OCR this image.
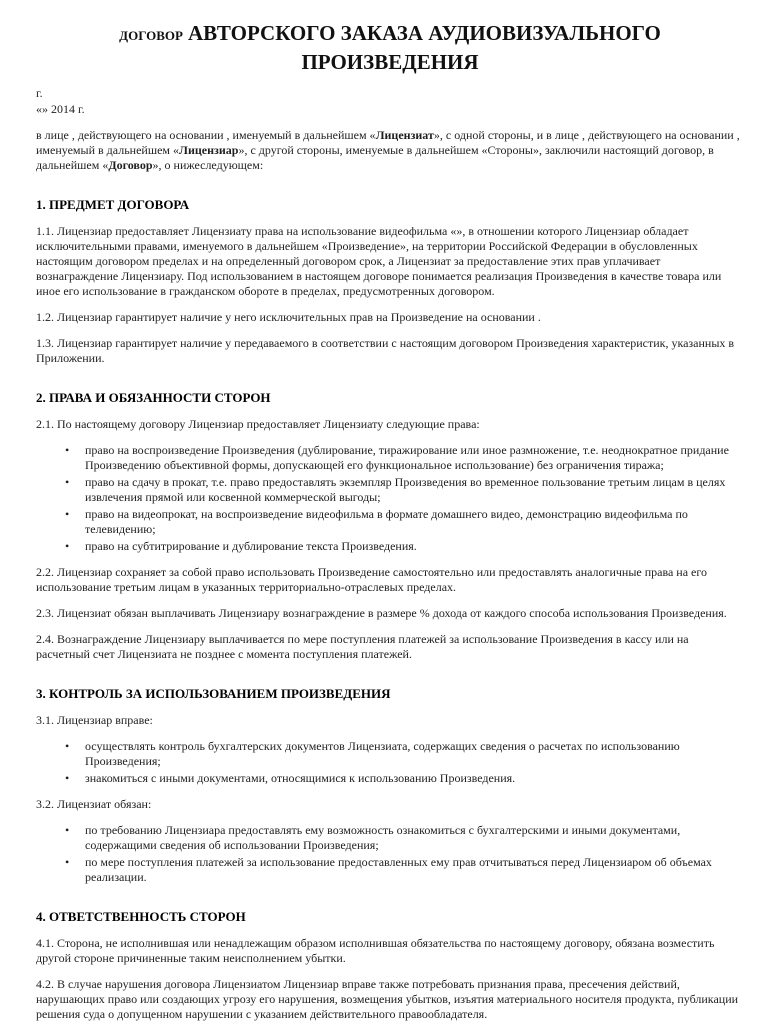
ДОГОВОР АВТОРСКОГО ЗАКАЗА АУДИОВИЗУАЛЬНОГО ПРОИЗВЕДЕНИЯ

г.

«» 2014 г.

в лице , действующего на основании , именуемый в дальнейшем «Лицензиат», с одной стороны, и в лице , действующего на основании , именуемый в дальнейшем «Лицензиар», с другой стороны, именуемые в дальнейшем «Стороны», заключили настоящий договор, в дальнейшем «Договор», о нижеследующем:

1. ПРЕДМЕТ ДОГОВОРА

1.1. Лицензиар предоставляет Лицензиату права на использование видеофильма «», в отношении которого Лицензиар обладает исключительными правами, именуемого в дальнейшем «Произведение», на территории Российской Федерации в обусловленных настоящим договором пределах и на определенный договором срок, а Лицензиат за предоставление этих прав уплачивает вознаграждение Лицензиару. Под использованием в настоящем договоре понимается реализация Произведения в качестве товара или иное его использование в гражданском обороте в пределах, предусмотренных договором.

1.2. Лицензиар гарантирует наличие у него исключительных прав на Произведение на основании .

1.3. Лицензиар гарантирует наличие у передаваемого в соответствии с настоящим договором Произведения характеристик, указанных в Приложении.

2. ПРАВА И ОБЯЗАННОСТИ СТОРОН

2.1. По настоящему договору Лицензиар предоставляет Лицензиату следующие права:

•	право на воспроизведение Произведения (дублирование, тиражирование или иное размножение, т.е. неоднократное придание Произведению объективной формы, допускающей его функциональное использование) без ограничения тиража;
•	право на сдачу в прокат, т.е. право предоставлять экземпляр Произведения во временное пользование третьим лицам в целях извлечения прямой или косвенной коммерческой выгоды;
•	право на видеопрокат, на воспроизведение видеофильма в формате домашнего видео, демонстрацию видеофильма по телевидению;
•	право на субтитрирование и дублирование текста Произведения.

2.2. Лицензиар сохраняет за собой право использовать Произведение самостоятельно или предоставлять аналогичные права на его использование третьим лицам в указанных территориально-отраслевых пределах.

2.3. Лицензиат обязан выплачивать Лицензиару вознаграждение в размере % дохода от каждого способа использования Произведения.

2.4. Вознаграждение Лицензиару выплачивается по мере поступления платежей за использование Произведения в кассу или на расчетный счет Лицензиата не позднее с момента поступления платежей.

3. КОНТРОЛЬ ЗА ИСПОЛЬЗОВАНИЕМ ПРОИЗВЕДЕНИЯ

3.1. Лицензиар вправе:

•	осуществлять контроль бухгалтерских документов Лицензиата, содержащих сведения о расчетах по использованию Произведения;
•	знакомиться с иными документами, относящимися к использованию Произведения.

3.2. Лицензиат обязан:

•	по требованию Лицензиара предоставлять ему возможность ознакомиться с бухгалтерскими и иными документами, содержащими сведения об использовании Произведения;
•	по мере поступления платежей за использование предоставленных ему прав отчитываться перед Лицензиаром об объемах реализации.
4. ОТВЕТСТВЕННОСТЬ СТОРОН

4.1. Сторона, не исполнившая или ненадлежащим образом исполнившая обязательства по настоящему договору, обязана возместить другой стороне причиненные таким неисполнением убытки.

4.2. В случае нарушения договора Лицензиатом Лицензиар вправе также потребовать признания права, пресечения действий, нарушающих право или создающих угрозу его нарушения, возмещения убытков, изъятия материального носителя продукта, публикации решения суда о допущенном нарушении с указанием действительного правообладателя.
